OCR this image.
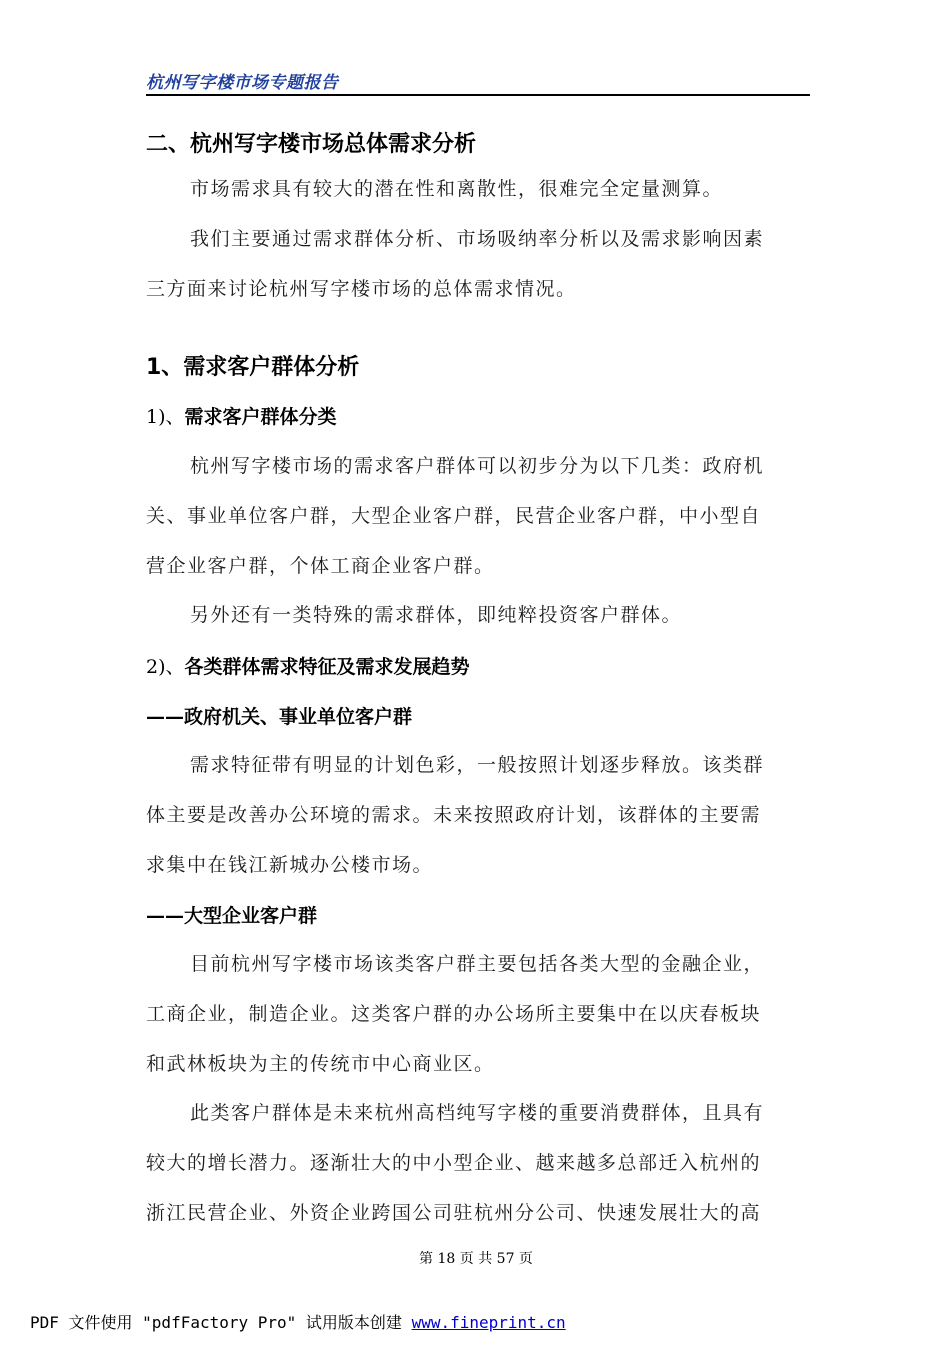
杭州写字楼市场专题报告
二、杭州写字楼市场总体需求分析
市场需求具有较大的潜在性和离散性，很难完全定量测算。
我们主要通过需求群体分析、市场吸纳率分析以及需求影响因素
三方面来讨论杭州写字楼市场的总体需求情况。
1、需求客户群体分析
1)、需求客户群体分类
杭州写字楼市场的需求客户群体可以初步分为以下几类：政府机
关、事业单位客户群，大型企业客户群，民营企业客户群，中小型自
营企业客户群，个体工商企业客户群。
另外还有一类特殊的需求群体，即纯粹投资客户群体。
2)、各类群体需求特征及需求发展趋势
——政府机关、事业单位客户群
需求特征带有明显的计划色彩，一般按照计划逐步释放。该类群
体主要是改善办公环境的需求。未来按照政府计划，该群体的主要需
求集中在钱江新城办公楼市场。
——大型企业客户群
目前杭州写字楼市场该类客户群主要包括各类大型的金融企业，
工商企业，制造企业。这类客户群的办公场所主要集中在以庆春板块
和武林板块为主的传统市中心商业区。
此类客户群体是未来杭州高档纯写字楼的重要消费群体，且具有
较大的增长潜力。逐渐壮大的中小型企业、越来越多总部迁入杭州的
浙江民营企业、外资企业跨国公司驻杭州分公司、快速发展壮大的高
第 18 页 共 57 页
PDF 文件使用 "pdfFactory Pro" 试用版本创建 www.fineprint.cn
